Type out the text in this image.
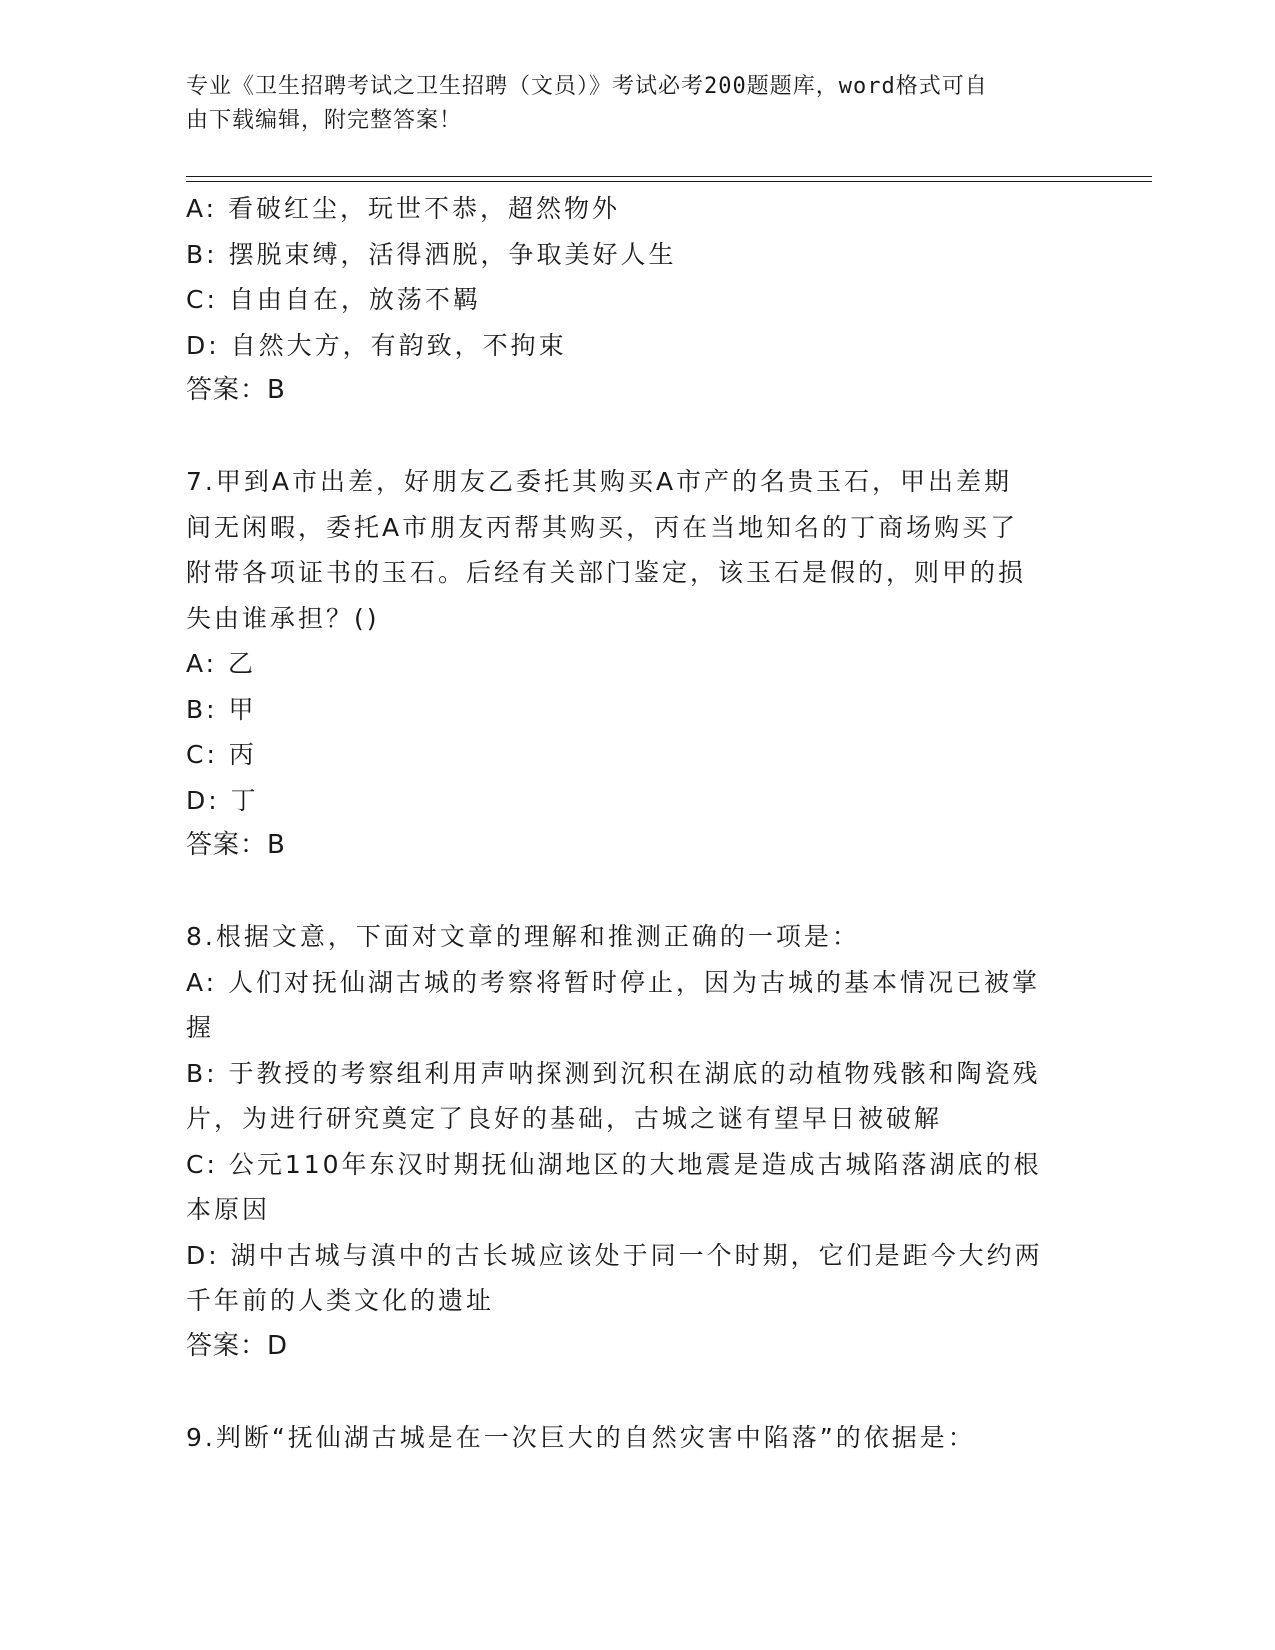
专业《卫生招聘考试之卫生招聘（文员）》考试必考200题题库，word格式可自
由下载编辑，附完整答案！
A: 看破红尘，玩世不恭，超然物外
B: 摆脱束缚，活得洒脱，争取美好人生
C: 自由自在，放荡不羁
D: 自然大方，有韵致，不拘束
答案：B
7.甲到A市出差，好朋友乙委托其购买A市产的名贵玉石，甲出差期
间无闲暇，委托A市朋友丙帮其购买，丙在当地知名的丁商场购买了
附带各项证书的玉石。后经有关部门鉴定，该玉石是假的，则甲的损
失由谁承担？()
A: 乙
B: 甲
C: 丙
D: 丁
答案：B
8.根据文意，下面对文章的理解和推测正确的一项是：
A: 人们对抚仙湖古城的考察将暂时停止，因为古城的基本情况已被掌
握
B: 于教授的考察组利用声呐探测到沉积在湖底的动植物残骸和陶瓷残
片，为进行研究奠定了良好的基础，古城之谜有望早日被破解
C: 公元110年东汉时期抚仙湖地区的大地震是造成古城陷落湖底的根
本原因
D: 湖中古城与滇中的古长城应该处于同一个时期，它们是距今大约两
千年前的人类文化的遗址
答案：D
9.判断“抚仙湖古城是在一次巨大的自然灾害中陷落”的依据是：
